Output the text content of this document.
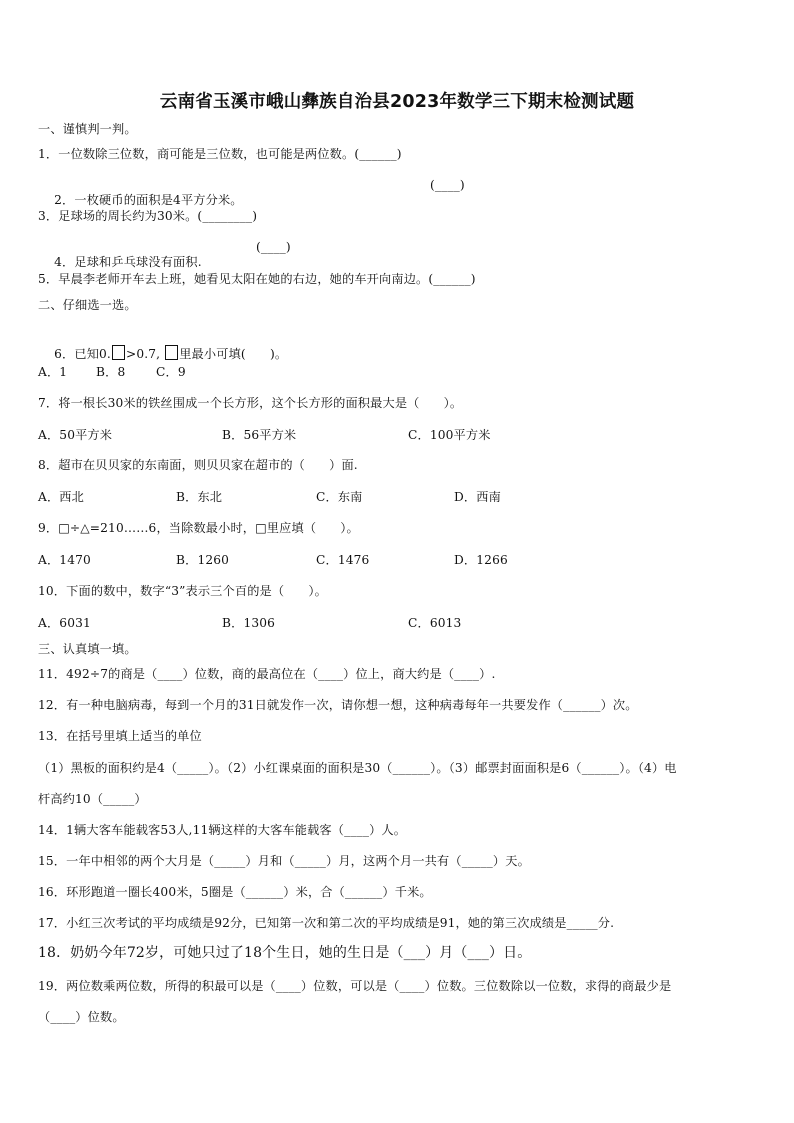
云南省玉溪市峨山彝族自治县2023年数学三下期末检测试题
一、谨慎判一判。
1．一位数除三位数，商可能是三位数，也可能是两位数。(______)

2．一枚硬币的面积是4平方分米。

(____)

3．足球场的周长约为30米。(________)

4．足球和乒乓球没有面积.

(____)

5．早晨李老师开车去上班，她看见太阳在她的右边，她的车开向南边。(______)
二、仔细选一选。

6．已知0. >0.7, 里最小可填(      )。

A．1

B．8

	C．9

7．将一根长30米的铁丝围成一个长方形，这个长方形的面积最大是（      ）。

A．50平方米

	B．56平方米

	C．100平方米

8．超市在贝贝家的东南面，则贝贝家在超市的（      ）面.

A．西北

	B．东北

	C．东南

	D．西南

9．□÷△=210……6，当除数最小时，□里应填（      ）。

A．1470

	B．1260

	C．1476

	D．1266

10．下面的数中，数字“3”表示三个百的是（      ）。

A．6031

	B．1306

	C．6013

三、认真填一填。
11．492÷7的商是（____）位数，商的最高位在（____）位上，商大约是（____）.
12．有一种电脑病毒，每到一个月的31日就发作一次，请你想一想，这种病毒每年一共要发作（______）次。
13．在括号里填上适当的单位
（1）黑板的面积约是4（_____）。（2）小红课桌面的面积是30（______）。（3）邮票封面面积是6（______）。（4）电
杆高约10（_____）
14．1辆大客车能载客53人,11辆这样的大客车能载客（____）人。
15．一年中相邻的两个大月是（_____）月和（_____）月，这两个月一共有（_____）天。
16．环形跑道一圈长400米，5圈是（______）米，合（______）千米。
17．小红三次考试的平均成绩是92分，已知第一次和第二次的平均成绩是91，她的第三次成绩是_____分.
18．奶奶今年72岁，可她只过了18个生日，她的生日是（___）月（___）日。
19．两位数乘两位数，所得的积最可以是（____）位数，可以是（____）位数。三位数除以一位数，求得的商最少是
（____）位数。
